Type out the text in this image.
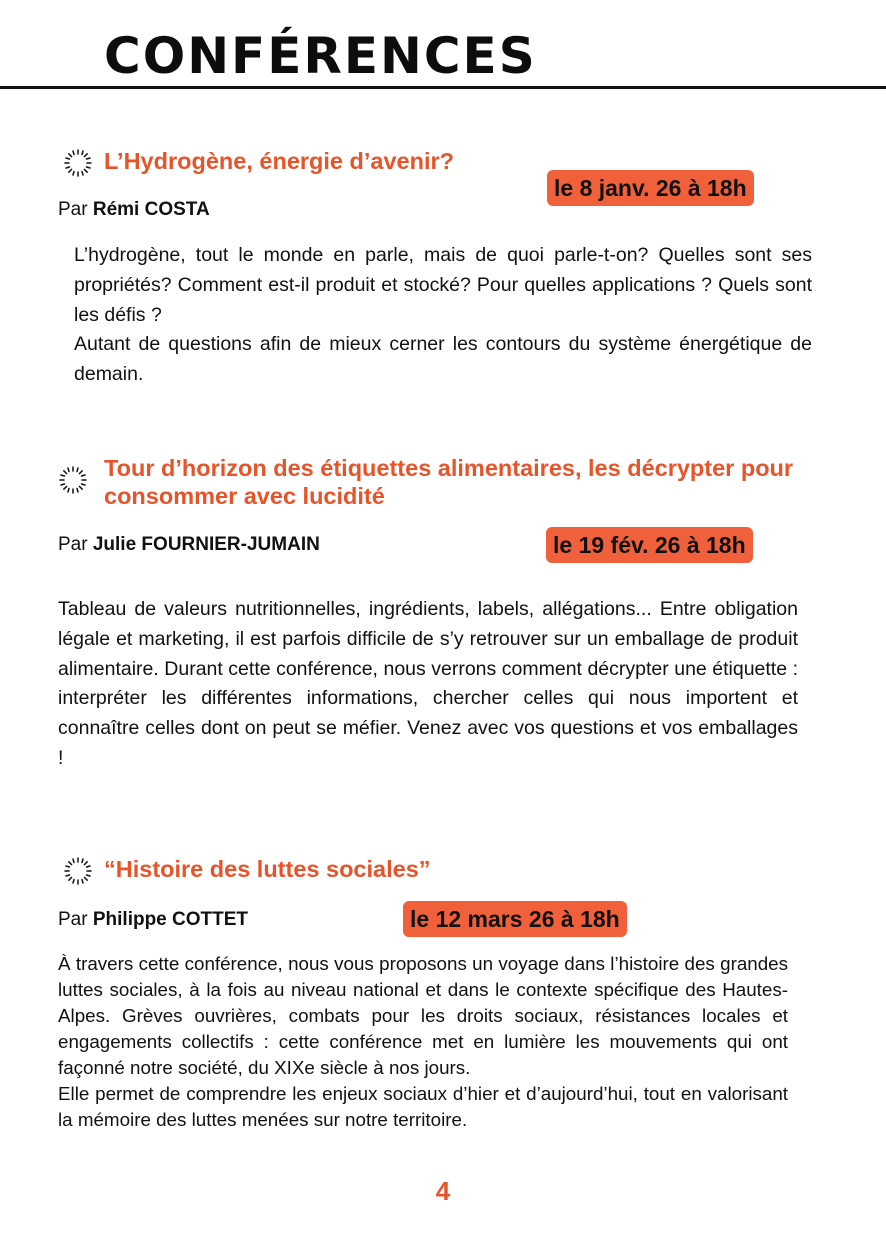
CONFÉRENCES
L’Hydrogène, énergie d’avenir?

Par Rémi COSTA

le 8 janv. 26 à 18h

L’hydrogène, tout le monde en parle, mais de quoi parle-t-on? Quelles sont ses propriétés? Comment est-il produit et stocké? Pour quelles applications ? Quels sont les défis ?
Autant de questions afin de mieux cerner les contours du système énergétique de demain.

Tour d’horizon des étiquettes alimentaires, les décrypter pour consommer avec lucidité

Par Julie FOURNIER-JUMAIN	le 19 fév. 26 à 18h

Tableau de valeurs nutritionnelles, ingrédients, labels, allégations... Entre obligation légale et marketing, il est parfois difficile de s’y retrouver sur un emballage de produit alimentaire. Durant cette conférence, nous verrons comment décrypter une étiquette : interpréter les différentes informations, chercher celles qui nous importent et connaître celles dont on peut se méfier. Venez avec vos questions et vos emballages !

“Histoire des luttes sociales”

Par Philippe COTTET	le 12 mars 26 à 18h

À travers cette conférence, nous vous proposons un voyage dans l’histoire des grandes luttes sociales, à la fois au niveau national et dans le contexte spécifique des Hautes-Alpes. Grèves ouvrières, combats pour les droits sociaux, résistances locales et engagements collectifs : cette conférence met en lumière les mouvements qui ont façonné notre société, du XIXe siècle à nos jours.
Elle permet de comprendre les enjeux sociaux d’hier et d’aujourd’hui, tout en valorisant la mémoire des luttes menées sur notre territoire.

4
